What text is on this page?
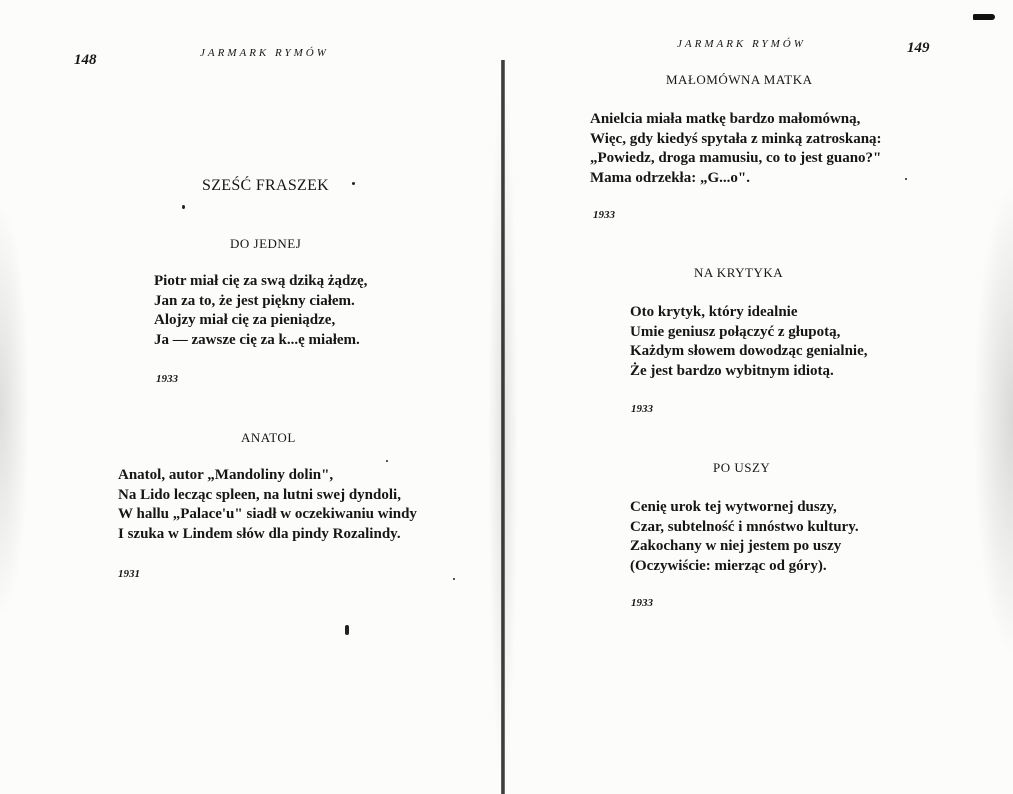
148	JARMARK RYMÓW
SZEŚĆ FRASZEK
DO JEDNEJ
Piotr miał cię za swą dziką żądzę,
Jan za to, że jest piękny ciałem.
Alojzy miał cię za pieniądze,
Ja — zawsze cię za k...ę miałem.
1933
ANATOL
Anatol, autor „Mandoliny dolin",
Na Lido lecząc spleen, na lutni swej dyndoli,
W hallu „Palace'u" siadł w oczekiwaniu windy
I szuka w Lindem słów dla pindy Rozalindy.
1931
JARMARK RYMÓW	149
MAŁOMÓWNA MATKA
Anielcia miała matkę bardzo małomówną,
Więc, gdy kiedyś spytała z minką zatroskaną:
„Powiedz, droga mamusiu, co to jest guano?"
Mama odrzekła: „G...o".
1933
NA KRYTYKA
Oto krytyk, który idealnie
Umie geniusz połączyć z głupotą,
Każdym słowem dowodząc genialnie,
Że jest bardzo wybitnym idiotą.
1933
PO USZY
Cenię urok tej wytwornej duszy,
Czar, subtelność i mnóstwo kultury.
Zakochany w niej jestem po uszy
(Oczywiście: mierząc od góry).
1933
